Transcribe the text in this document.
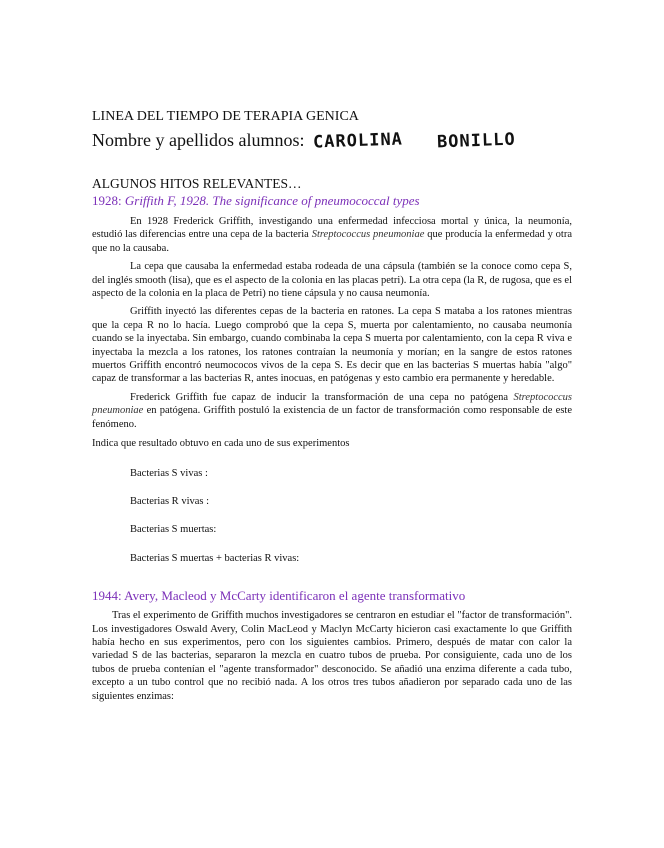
LINEA DEL TIEMPO DE TERAPIA GENICA

Nombre y apellidos alumnos: CAROLINA BONILLO

ALGUNOS HITOS RELEVANTES…

1928: Griffith F, 1928. The significance of pneumococcal types

En 1928 Frederick Griffith, investigando una enfermedad infecciosa mortal y única, la neumonía, estudió las diferencias entre una cepa de la bacteria Streptococcus pneumoniae que producía la enfermedad y otra que no la causaba.

La cepa que causaba la enfermedad estaba rodeada de una cápsula (también se la conoce como cepa S, del inglés smooth (lisa), que es el aspecto de la colonia en las placas petri). La otra cepa (la R, de rugosa, que es el aspecto de la colonia en la placa de Petri) no tiene cápsula y no causa neumonía.

Griffith inyectó las diferentes cepas de la bacteria en ratones. La cepa S mataba a los ratones mientras que la cepa R no lo hacía. Luego comprobó que la cepa S, muerta por calentamiento, no causaba neumonía cuando se la inyectaba. Sin embargo, cuando combinaba la cepa S muerta por calentamiento, con la cepa R viva e inyectaba la mezcla a los ratones, los ratones contraían la neumonía y morían; en la sangre de estos ratones muertos Griffith encontró neumococos vivos de la cepa S. Es decir que en las bacterias S muertas había "algo" capaz de transformar a las bacterias R, antes inocuas, en patógenas y esto cambio era permanente y heredable.

Frederick Griffith fue capaz de inducir la transformación de una cepa no patógena Streptococcus pneumoniae en patógena. Griffith postuló la existencia de un factor de transformación como responsable de este fenómeno.

Indica que resultado obtuvo en cada uno de sus experimentos

Bacterias S vivas :
Bacterias R vivas :
Bacterias S muertas:
Bacterias S muertas + bacterias R vivas:

1944: Avery, Macleod y McCarty identificaron el agente transformativo

Tras el experimento de Griffith muchos investigadores se centraron en estudiar el "factor de transformación". Los investigadores Oswald Avery, Colin MacLeod y Maclyn McCarty hicieron casi exactamente lo que Griffith había hecho en sus experimentos, pero con los siguientes cambios. Primero, después de matar con calor la variedad S de las bacterias, separaron la mezcla en cuatro tubos de prueba. Por consiguiente, cada uno de los tubos de prueba contenían el "agente transformador" desconocido. Se añadió una enzima diferente a cada tubo, excepto a un tubo control que no recibió nada. A los otros tres tubos añadieron por separado cada uno de las siguientes enzimas:
